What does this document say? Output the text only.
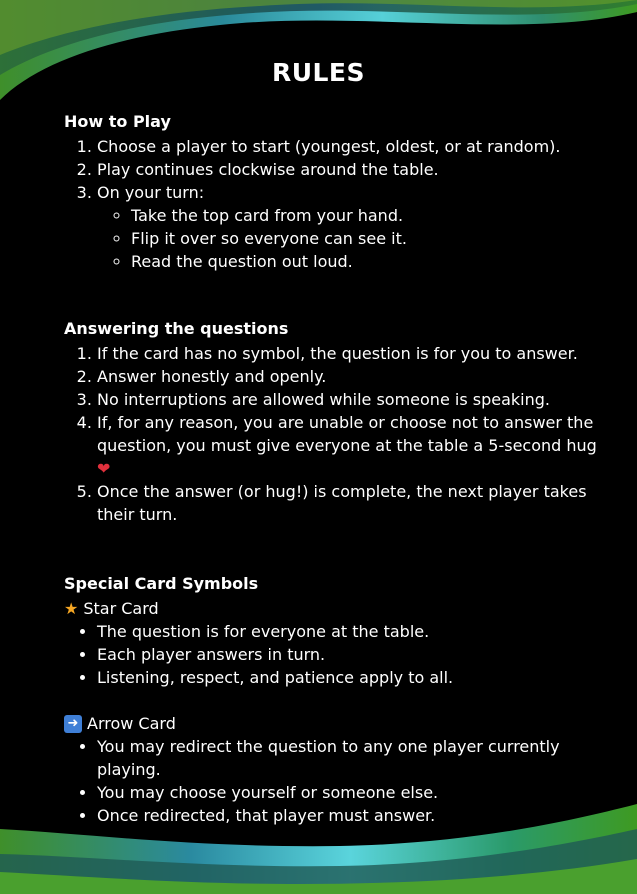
RULES
How to Play
1. Choose a player to start (youngest, oldest, or at random).
2. Play continues clockwise around the table.
3. On your turn:
◦ Take the top card from your hand.
◦ Flip it over so everyone can see it.
◦ Read the question out loud.
Answering the questions
1. If the card has no symbol, the question is for you to answer.
2. Answer honestly and openly.
3. No interruptions are allowed while someone is speaking.
4. If, for any reason, you are unable or choose not to answer the question, you must give everyone at the table a 5-second hug ❤
5. Once the answer (or hug!) is complete, the next player takes their turn.
Special Card Symbols
★ Star Card
• The question is for everyone at the table.
• Each player answers in turn.
• Listening, respect, and patience apply to all.
➜ Arrow Card
• You may redirect the question to any one player currently playing.
• You may choose yourself or someone else.
• Once redirected, that player must answer.
